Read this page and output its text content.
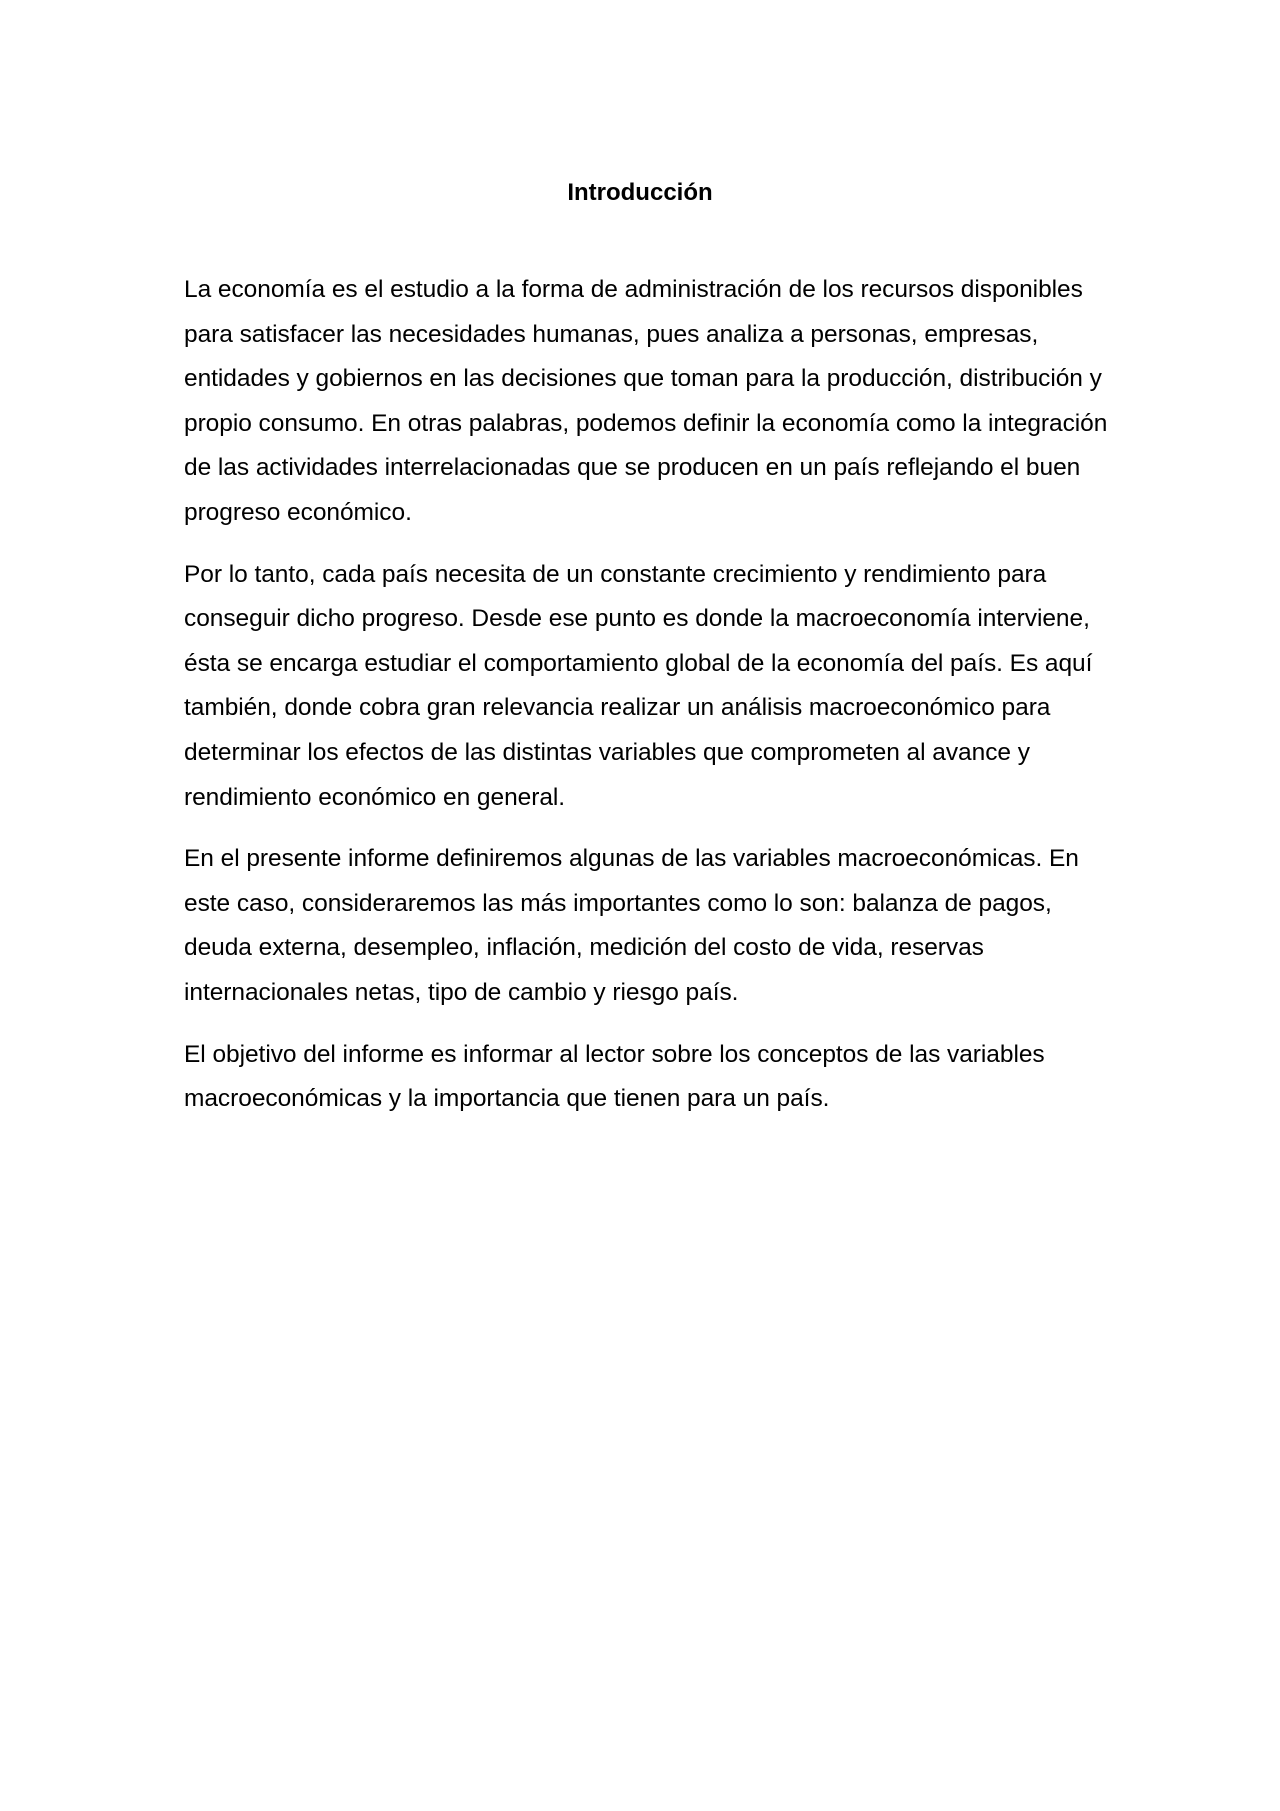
Introducción

La economía es el estudio a la forma de administración de los recursos disponibles para satisfacer las necesidades humanas, pues analiza a personas, empresas, entidades y gobiernos en las decisiones que toman para la producción, distribución y propio consumo. En otras palabras, podemos definir la economía como la integración de las actividades interrelacionadas que se producen en un país reflejando el buen progreso económico.

Por lo tanto, cada país necesita de un constante crecimiento y rendimiento para conseguir dicho progreso. Desde ese punto es donde la macroeconomía interviene, ésta se encarga estudiar el comportamiento global de la economía del país. Es aquí también, donde cobra gran relevancia realizar un análisis macroeconómico para determinar los efectos de las distintas variables que comprometen al avance y rendimiento económico en general.

En el presente informe definiremos algunas de las variables macroeconómicas. En este caso, consideraremos las más importantes como lo son: balanza de pagos, deuda externa, desempleo, inflación, medición del costo de vida, reservas internacionales netas, tipo de cambio y riesgo país.

El objetivo del informe es informar al lector sobre los conceptos de las variables macroeconómicas y la importancia que tienen para un país.
